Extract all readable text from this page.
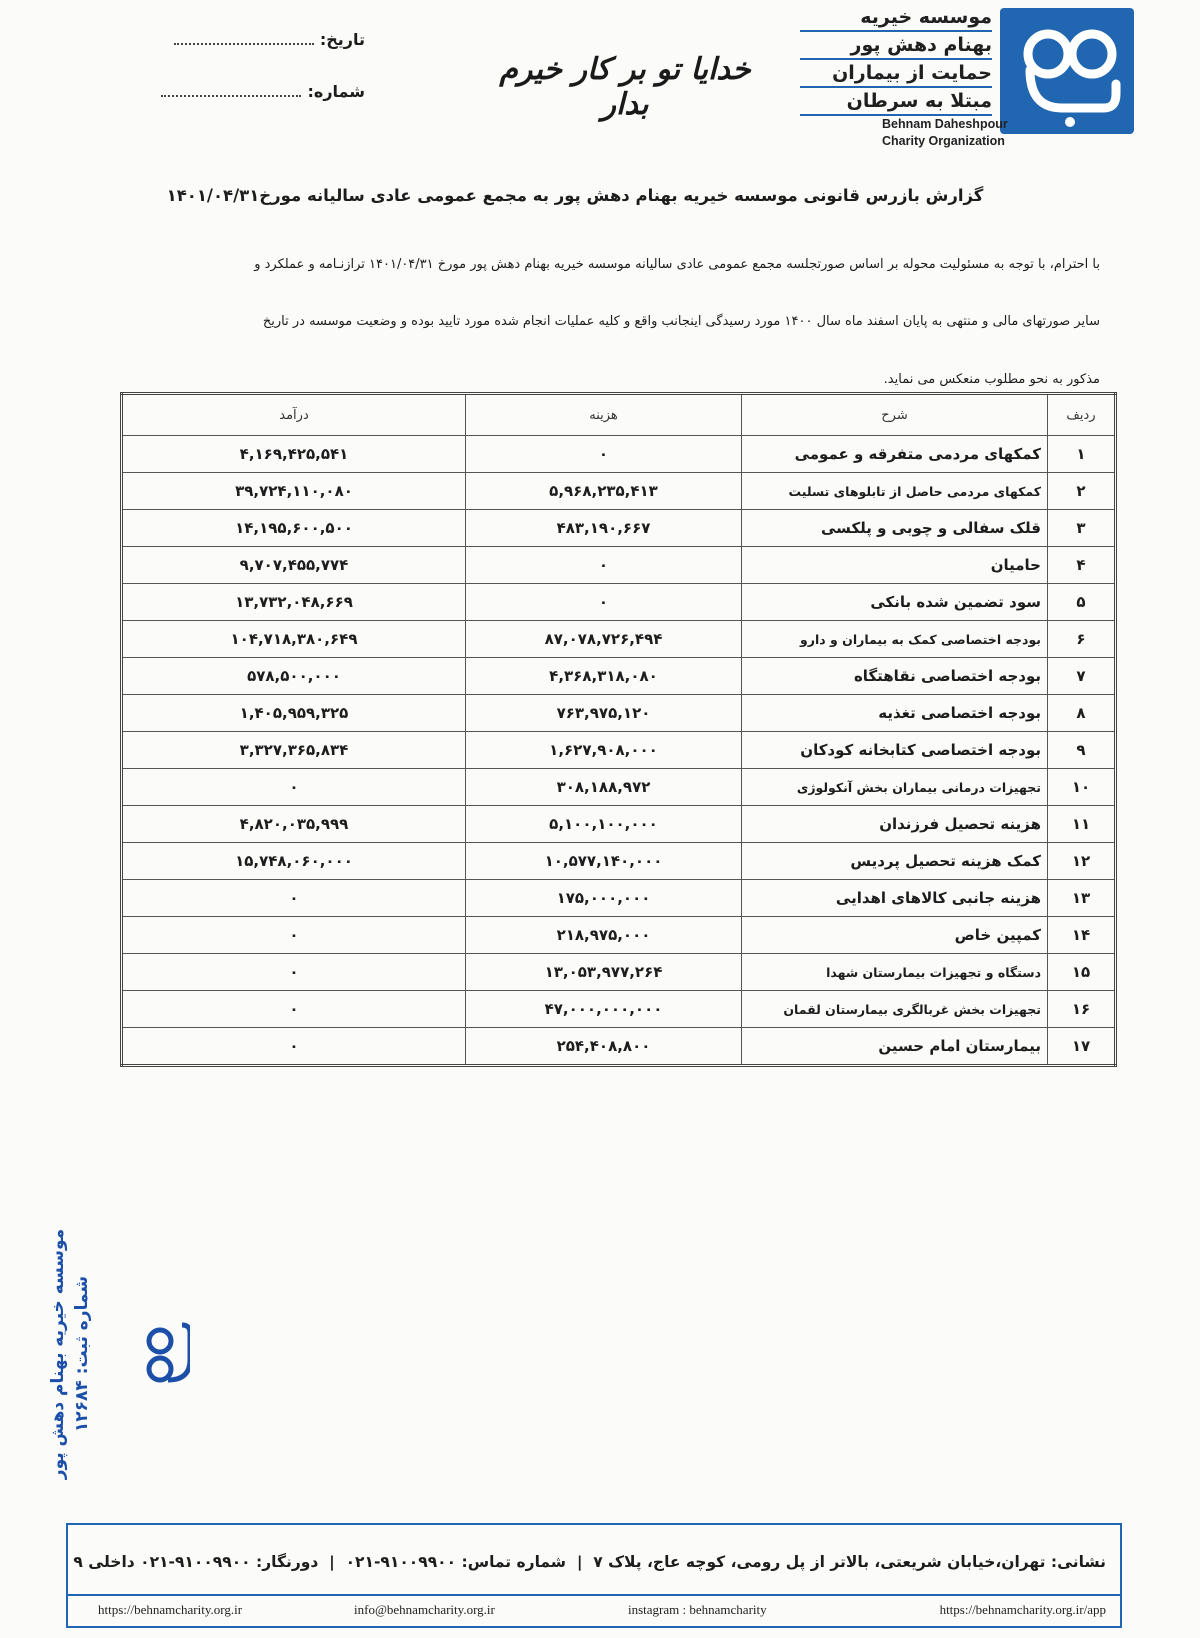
موسسه خیریه
بهنام دهش پور
حمایت از بیماران
مبتلا به سرطان
Behnam Daheshpour
Charity Organization
خدایا تو بر کار خیرم بدار
تاریخ:
شماره:
گزارش بازرس قانونی موسسه خیریه بهنام دهش پور به مجمع عمومی عادی سالیانه مورخ۱۴۰۱/۰۴/۳۱
با احترام، با توجه به مسئولیت محوله بر اساس صورتجلسه مجمع عمومی عادی سالیانه موسسه خیریه بهنام دهش پور مورخ ۱۴۰۱/۰۴/۳۱ ترازنـامه و عملکرد و
سایر صورتهای مالی و منتهی به پایان اسفند ماه سال ۱۴۰۰ مورد رسیدگی اینجانب واقع و کلیه عملیات انجام شده مورد تایید بوده و وضعیت موسسه در تاریخ
مذکور به نحو مطلوب منعکس می نماید.
ردیف	شرح	هزینه	درآمد
۱	کمکهای مردمی متفرقه و عمومی	۰	۴,۱۶۹,۴۲۵,۵۴۱
۲	کمکهای مردمی حاصل از تابلوهای تسلیت	۵,۹۶۸,۲۳۵,۴۱۳	۳۹,۷۲۴,۱۱۰,۰۸۰
۳	قلک سفالی و چوبی و پلکسی	۴۸۳,۱۹۰,۶۶۷	۱۴,۱۹۵,۶۰۰,۵۰۰
۴	حامیان	۰	۹,۷۰۷,۴۵۵,۷۷۴
۵	سود تضمین شده بانکی	۰	۱۳,۷۳۲,۰۴۸,۶۶۹
۶	بودجه اختصاصی کمک به بیماران و دارو	۸۷,۰۷۸,۷۲۶,۴۹۴	۱۰۴,۷۱۸,۳۸۰,۶۴۹
۷	بودجه اختصاصی نقاهتگاه	۴,۳۶۸,۳۱۸,۰۸۰	۵۷۸,۵۰۰,۰۰۰
۸	بودجه اختصاصی تغذیه	۷۶۳,۹۷۵,۱۲۰	۱,۴۰۵,۹۵۹,۳۲۵
۹	بودجه اختصاصی کتابخانه کودکان	۱,۶۲۷,۹۰۸,۰۰۰	۳,۳۲۷,۳۶۵,۸۳۴
۱۰	تجهیزات درمانی بیماران بخش آنکولوژی	۳۰۸,۱۸۸,۹۷۲	۰
۱۱	هزینه تحصیل فرزندان	۵,۱۰۰,۱۰۰,۰۰۰	۴,۸۲۰,۰۳۵,۹۹۹
۱۲	کمک هزینه تحصیل پردیس	۱۰,۵۷۷,۱۴۰,۰۰۰	۱۵,۷۴۸,۰۶۰,۰۰۰
۱۳	هزینه جانبی کالاهای اهدایی	۱۷۵,۰۰۰,۰۰۰	۰
۱۴	کمپین خاص	۲۱۸,۹۷۵,۰۰۰	۰
۱۵	دستگاه و تجهیزات بیمارستان شهدا	۱۳,۰۵۳,۹۷۷,۲۶۴	۰
۱۶	تجهیزات بخش غربالگری بیمارستان لقمان	۴۷,۰۰۰,۰۰۰,۰۰۰	۰
۱۷	بیمارستان امام حسین	۲۵۴,۴۰۸,۸۰۰	۰
موسسه خیریه بهنام دهش پور شماره ثبت: ۱۲۶۸۴
نشانی: تهران،خیابان شریعتی، بالاتر از پل رومی، کوچه عاج، پلاک ۷  |  شماره تماس: ۹۱۰۰۹۹۰۰-۰۲۱  |  دورنگار: ۹۱۰۰۹۹۰۰-۰۲۱ داخلی ۹
https://behnamcharity.org.ir/app
instagram : behnamcharity
info@behnamcharity.org.ir
https://behnamcharity.org.ir
